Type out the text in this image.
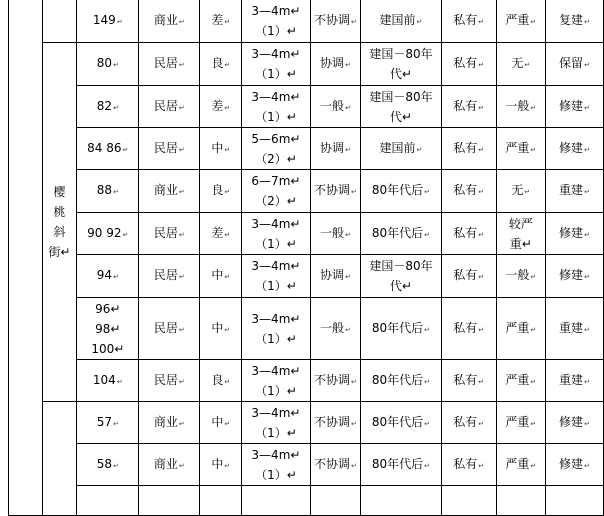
		149↵	商业↵	差↵	3—4m↵
（1）↵	不协调↵	建国前↵	私有↵	严重↵	复建↵

	樱
桃
斜
街↵	80↵	民居↵	良↵	3—4m↵
（1）↵	协调↵	建国－80年
代↵	私有↵	无↵	保留↵
		82↵	民居↵	差↵	3—4m↵
（1）↵	一般↵	建国－80年
代↵	私有↵	一般↵	修建↵
		84 86↵	民居↵	中↵	5—6m↵
（2）↵	协调↵	建国前↵	私有↵	严重↵	修建↵
		88↵	商业↵	良↵	6—7m↵
（2）↵	不协调↵	80年代后↵	私有↵	无↵	重建↵
		90 92↵	民居↵	差↵	3—4m↵
（1）↵	一般↵	80年代后↵	私有↵	较严
重↵	修建↵
		94↵	民居↵	中↵	3—4m↵
（1）↵	协调↵	建国－80年
代↵	私有↵	一般↵	修建↵

		96↵
98↵
100↵	民居↵	中↵	3—4m↵
（1）↵	一般↵	80年代后↵	私有↵	严重↵	重建↵
		104↵	民居↵	良↵	3—4m↵
（1）↵	不协调↵	80年代后↵	私有↵	严重↵	重建↵
		57↵	商业↵	中↵	3—4m↵
（1）↵	不协调↵	80年代后↵	私有↵	严重↵	修建↵
		58↵	商业↵	中↵	3—4m↵
（1）↵	不协调↵	80年代后↵	私有↵	严重↵	修建↵
